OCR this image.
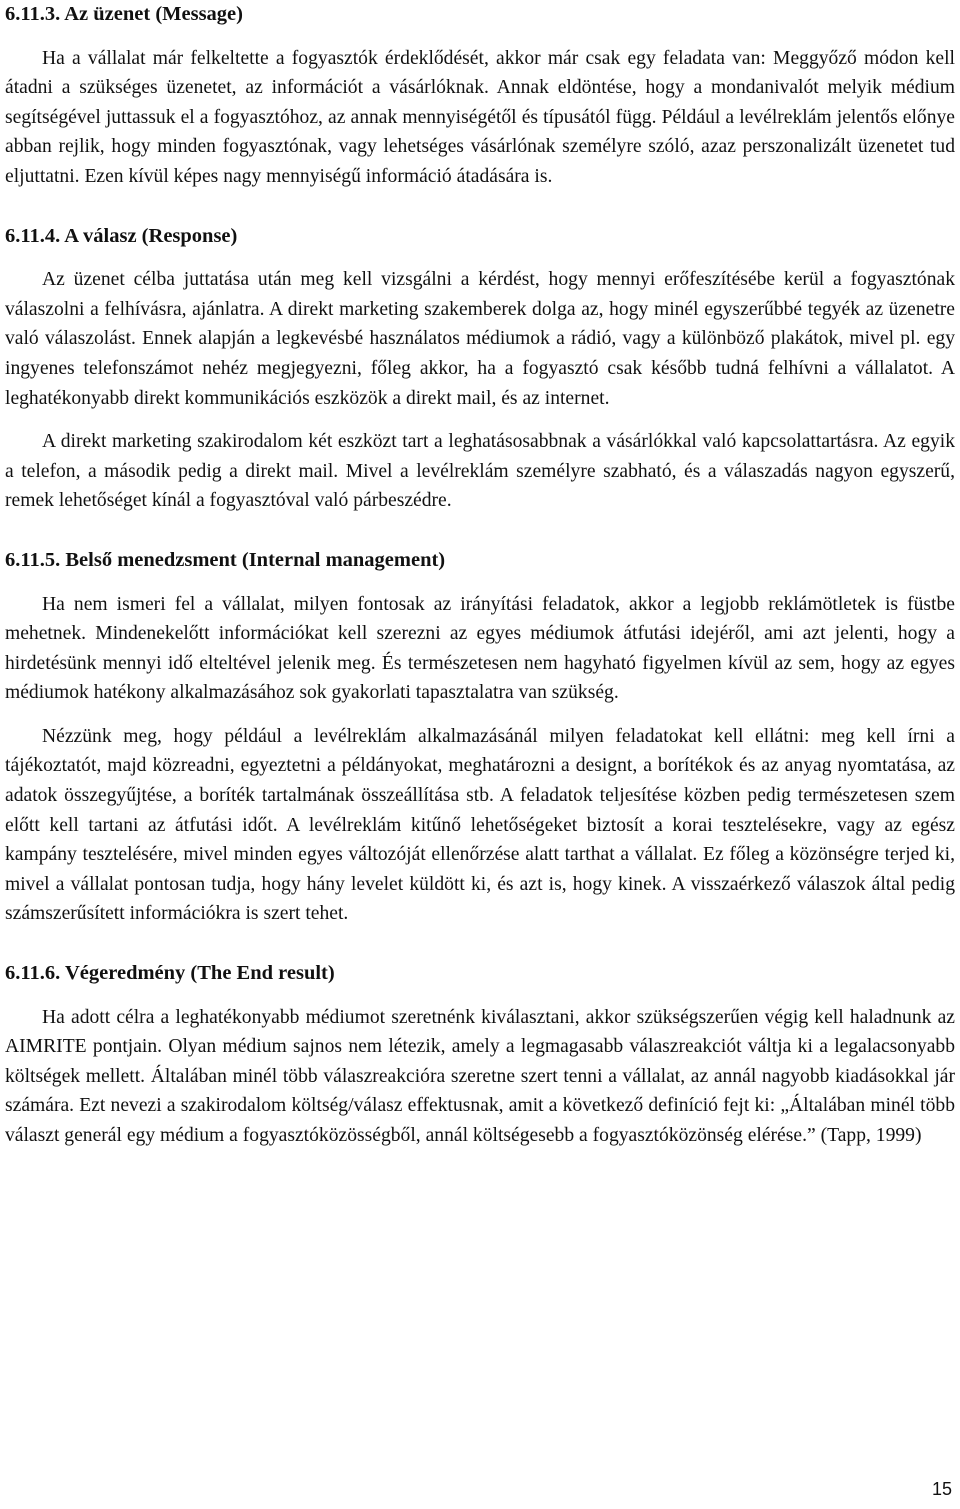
6.11.3. Az üzenet (Message)

Ha a vállalat már felkeltette a fogyasztók érdeklődését, akkor már csak egy feladata van: Meggyőző módon kell átadni a szükséges üzenetet, az információt a vásárlóknak. Annak eldöntése, hogy a mondanivalót melyik médium segítségével juttassuk el a fogyasztóhoz, az annak mennyiségétől és típusától függ. Például a levélreklám jelentős előnye abban rejlik, hogy minden fogyasztónak, vagy lehetséges vásárlónak személyre szóló, azaz perszonalizált üzenetet tud eljuttatni. Ezen kívül képes nagy mennyiségű információ átadására is.

6.11.4. A válasz (Response)

Az üzenet célba juttatása után meg kell vizsgálni a kérdést, hogy mennyi erőfeszítésébe kerül a fogyasztónak válaszolni a felhívásra, ajánlatra. A direkt marketing szakemberek dolga az, hogy minél egyszerűbbé tegyék az üzenetre való válaszolást. Ennek alapján a legkevésbé használatos médiumok a rádió, vagy a különböző plakátok, mivel pl. egy ingyenes telefonszámot nehéz megjegyezni, főleg akkor, ha a fogyasztó csak később tudná felhívni a vállalatot. A leghatékonyabb direkt kommunikációs eszközök a direkt mail, és az internet.

A direkt marketing szakirodalom két eszközt tart a leghatásosabbnak a vásárlókkal való kapcsolattartásra. Az egyik a telefon, a második pedig a direkt mail. Mivel a levélreklám személyre szabható, és a válaszadás nagyon egyszerű, remek lehetőséget kínál a fogyasztóval való párbeszédre.

6.11.5. Belső menedzsment (Internal management)

Ha nem ismeri fel a vállalat, milyen fontosak az irányítási feladatok, akkor a legjobb reklámötletek is füstbe mehetnek. Mindenekelőtt információkat kell szerezni az egyes médiumok átfutási idejéről, ami azt jelenti, hogy a hirdetésünk mennyi idő elteltével jelenik meg. És természetesen nem hagyható figyelmen kívül az sem, hogy az egyes médiumok hatékony alkalmazásához sok gyakorlati tapasztalatra van szükség.

Nézzünk meg, hogy például a levélreklám alkalmazásánál milyen feladatokat kell ellátni: meg kell írni a tájékoztatót, majd közreadni, egyeztetni a példányokat, meghatározni a designt, a borítékok és az anyag nyomtatása, az adatok összegyűjtése, a boríték tartalmának összeállítása stb. A feladatok teljesítése közben pedig természetesen szem előtt kell tartani az átfutási időt. A levélreklám kitűnő lehetőségeket biztosít a korai tesztelésekre, vagy az egész kampány tesztelésére, mivel minden egyes változóját ellenőrzése alatt tarthat a vállalat. Ez főleg a közönségre terjed ki, mivel a vállalat pontosan tudja, hogy hány levelet küldött ki, és azt is, hogy kinek. A visszaérkező válaszok által pedig számszerűsített információkra is szert tehet.

6.11.6. Végeredmény (The End result)

Ha adott célra a leghatékonyabb médiumot szeretnénk kiválasztani, akkor szükségszerűen végig kell haladnunk az AIMRITE pontjain. Olyan médium sajnos nem létezik, amely a legmagasabb válaszreakciót váltja ki a legalacsonyabb költségek mellett. Általában minél több válaszreakcióra szeretne szert tenni a vállalat, az annál nagyobb kiadásokkal jár számára. Ezt nevezi a szakirodalom költség/válasz effektusnak, amit a következő definíció fejt ki: „Általában minél több választ generál egy médium a fogyasztóközösségből, annál költségesebb a fogyasztóközönség elérése.” (Tapp, 1999)

15
